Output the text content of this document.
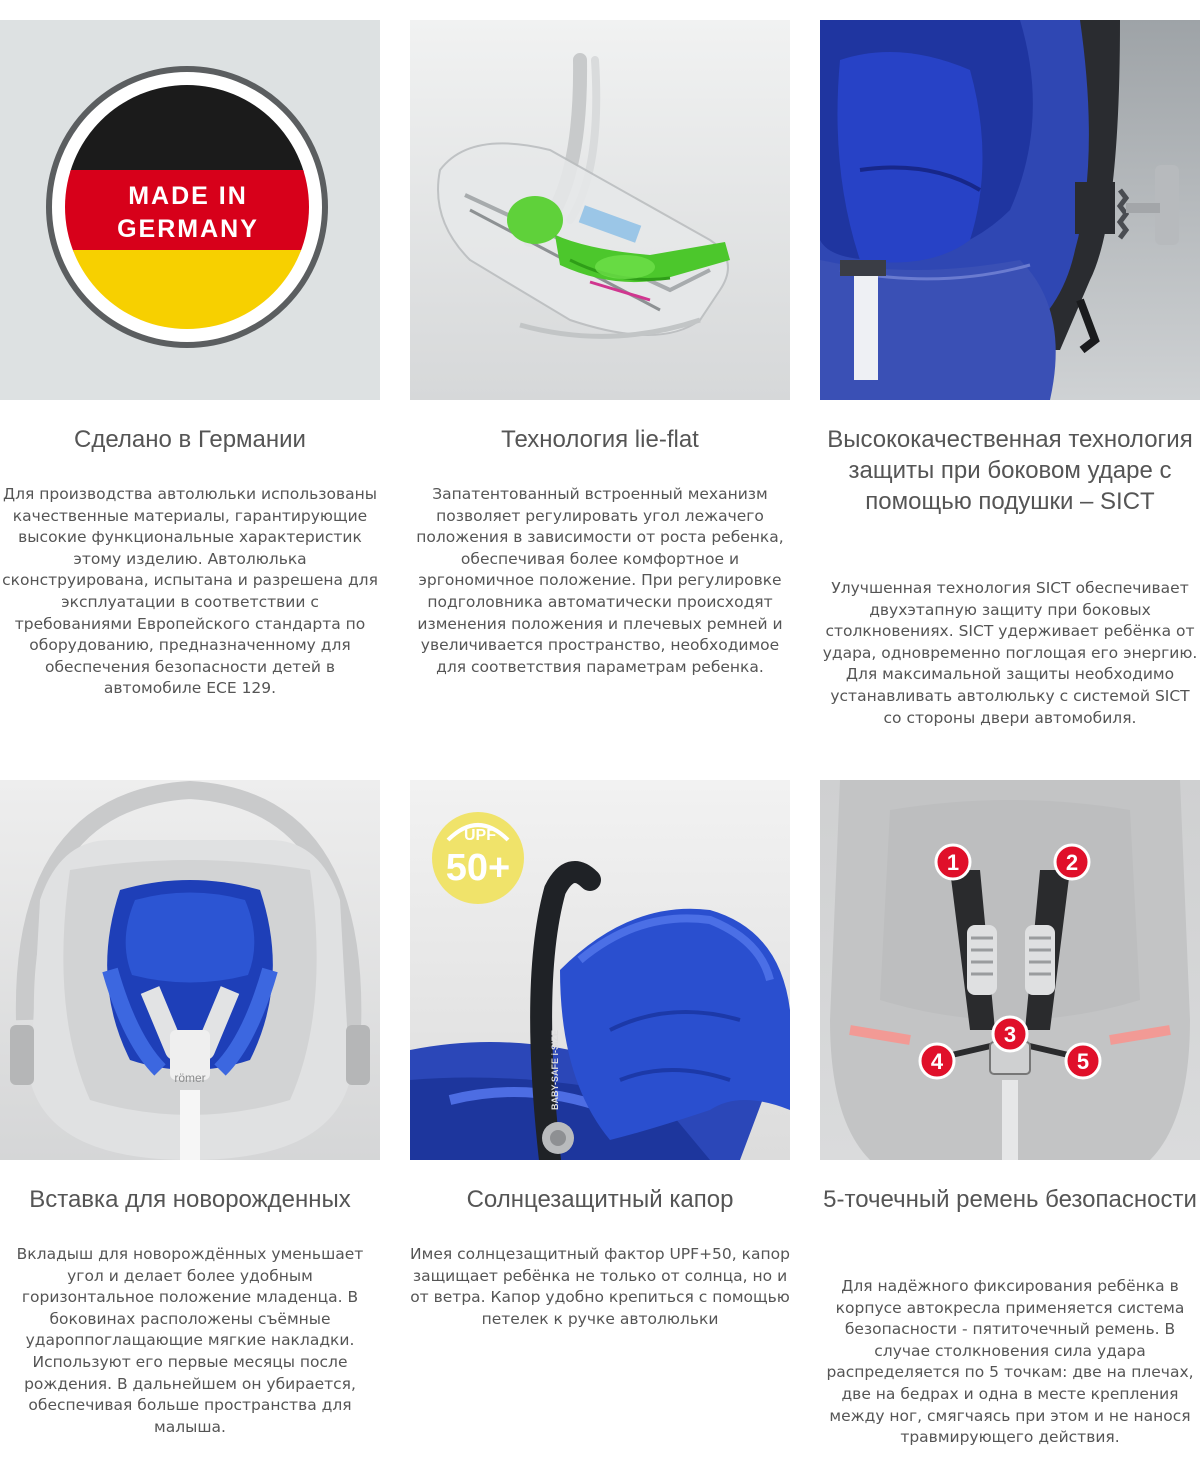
MADE IN
GERMANY
Сделано в Германии

Для производства автолюльки использованы качественные материалы, гарантирующие высокие функциональные характеристик этому изделию. Автолюлька сконструирована, испытана и разрешена для эксплуатации в соответствии с требованиями Европейского стандарта по оборудованию, предназначенному для обеспечения безопасности детей в автомобиле ECE 129.

Технология lie-flat

Запатентованный встроенный механизм позволяет регулировать угол лежачего положения в зависимости от роста ребенка, обеспечивая более комфортное и эргономичное положение. При регулировке подголовника автоматически происходят изменения положения и плечевых ремней и увеличивается пространство, необходимое для соответствия параметрам ребенка.

Высококачественная технология защиты при боковом ударе с помощью подушки – SICT

Улучшенная технология SICT обеспечивает двухэтапную защиту при боковых столкновениях. SICT удерживает ребёнка от удара, одновременно поглощая его энергию. Для максимальной защиты необходимо устанавливать автолюльку с системой SICT со стороны двери автомобиля.

römer
Вставка для новорожденных

Вкладыш для новорождённых уменьшает угол и делает более удобным горизонтальное положение младенца. В боковинах расположены съёмные удароппоглащающие мягкие накладки. Используют его первые месяцы после рождения. В дальнейшем он убирается, обеспечивая больше пространства для малыша.

UPF
50+
BABY-SAFE i-SIZE
Солнцезащитный капор

Имея солнцезащитный фактор UPF+50, капор защищает ребёнка не только от солнца, но и от ветра. Капор удобно крепиться с помощью петелек к ручке автолюльки

1	2
3
4	5
5-точечный ремень безопасности

Для надёжного фиксирования ребёнка в корпусе автокресла применяется система безопасности - пятиточечный ремень. В случае столкновения сила удара распределяется по 5 точкам: две на плечах, две на бедрах и одна в месте крепления между ног, смягчаясь при этом и не нанося травмирующего действия.
